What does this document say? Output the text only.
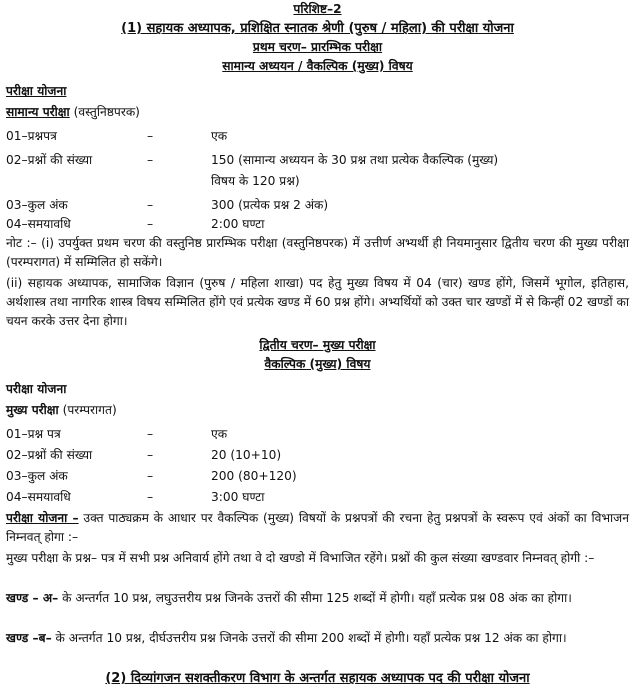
परिशिष्ट–2
(1) सहायक अध्यापक, प्रशिक्षित स्नातक श्रेणी (पुरुष / महिला) की परीक्षा योजना
प्रथम चरण– प्रारम्भिक परीक्षा
सामान्य अध्ययन / वैकल्पिक (मुख्य) विषय
परीक्षा योजना
सामान्य परीक्षा (वस्तुनिष्ठपरक)
01–प्रश्नपत्र	–	एक
02–प्रश्नों की संख्या	–	150 (सामान्य अध्ययन के 30 प्रश्न तथा प्रत्येक वैकल्पिक (मुख्य)
विषय के 120 प्रश्न)
03–कुल अंक	–	300 (प्रत्येक प्रश्न 2 अंक)
04–समयावधि	–	2:00 घण्टा
नोट :– (i) उपर्युक्त प्रथम चरण की वस्तुनिष्ठ प्रारम्भिक परीक्षा (वस्तुनिष्ठपरक) में उत्तीर्ण अभ्यर्थी ही नियमानुसार द्वितीय चरण की मुख्य परीक्षा (परम्परागत) में सम्मिलित हो सकेंगे।
(ii) सहायक अध्यापक, सामाजिक विज्ञान (पुरुष / महिला शाखा) पद हेतु मुख्य विषय में 04 (चार) खण्ड होंगे, जिसमें भूगोल, इतिहास, अर्थशास्त्र तथा नागरिक शास्त्र विषय सम्मिलित होंगे एवं प्रत्येक खण्ड में 60 प्रश्न होंगे। अभ्यर्थियों को उक्त चार खण्डों में से किन्हीं 02 खण्डों का चयन करके उत्तर देना होगा।
द्वितीय चरण– मुख्य परीक्षा
वैकल्पिक (मुख्य) विषय
परीक्षा योजना
मुख्य परीक्षा (परम्परागत)
01–प्रश्न पत्र	–	एक
02–प्रश्नों की संख्या	–	20 (10+10)
03–कुल अंक	–	200 (80+120)
04–समयावधि	–	3:00 घण्टा
परीक्षा योजना – उक्त पाठ्यक्रम के आधार पर वैकल्पिक (मुख्य) विषयों के प्रश्नपत्रों की रचना हेतु प्रश्नपत्रों के स्वरूप एवं अंकों का विभाजन निम्नवत् होगा :–
मुख्य परीक्षा के प्रश्न– पत्र में सभी प्रश्न अनिवार्य होंगे तथा वे दो खण्डो में विभाजित रहेंगे। प्रश्नों की कुल संख्या खण्डवार निम्नवत् होगी :–
खण्ड – अ– के अन्तर्गत 10 प्रश्न, लघुउत्तरीय प्रश्न जिनके उत्तरों की सीमा 125 शब्दों में होगी। यहाँ प्रत्येक प्रश्न 08 अंक का होगा।
खण्ड –ब– के अन्तर्गत 10 प्रश्न, दीर्घउत्तरीय प्रश्न जिनके उत्तरों की सीमा 200 शब्दों में होगी। यहाँ प्रत्येक प्रश्न 12 अंक का होगा।
(2) दिव्यांगजन सशक्तीकरण विभाग के अन्तर्गत सहायक अध्यापक पद की परीक्षा योजना
